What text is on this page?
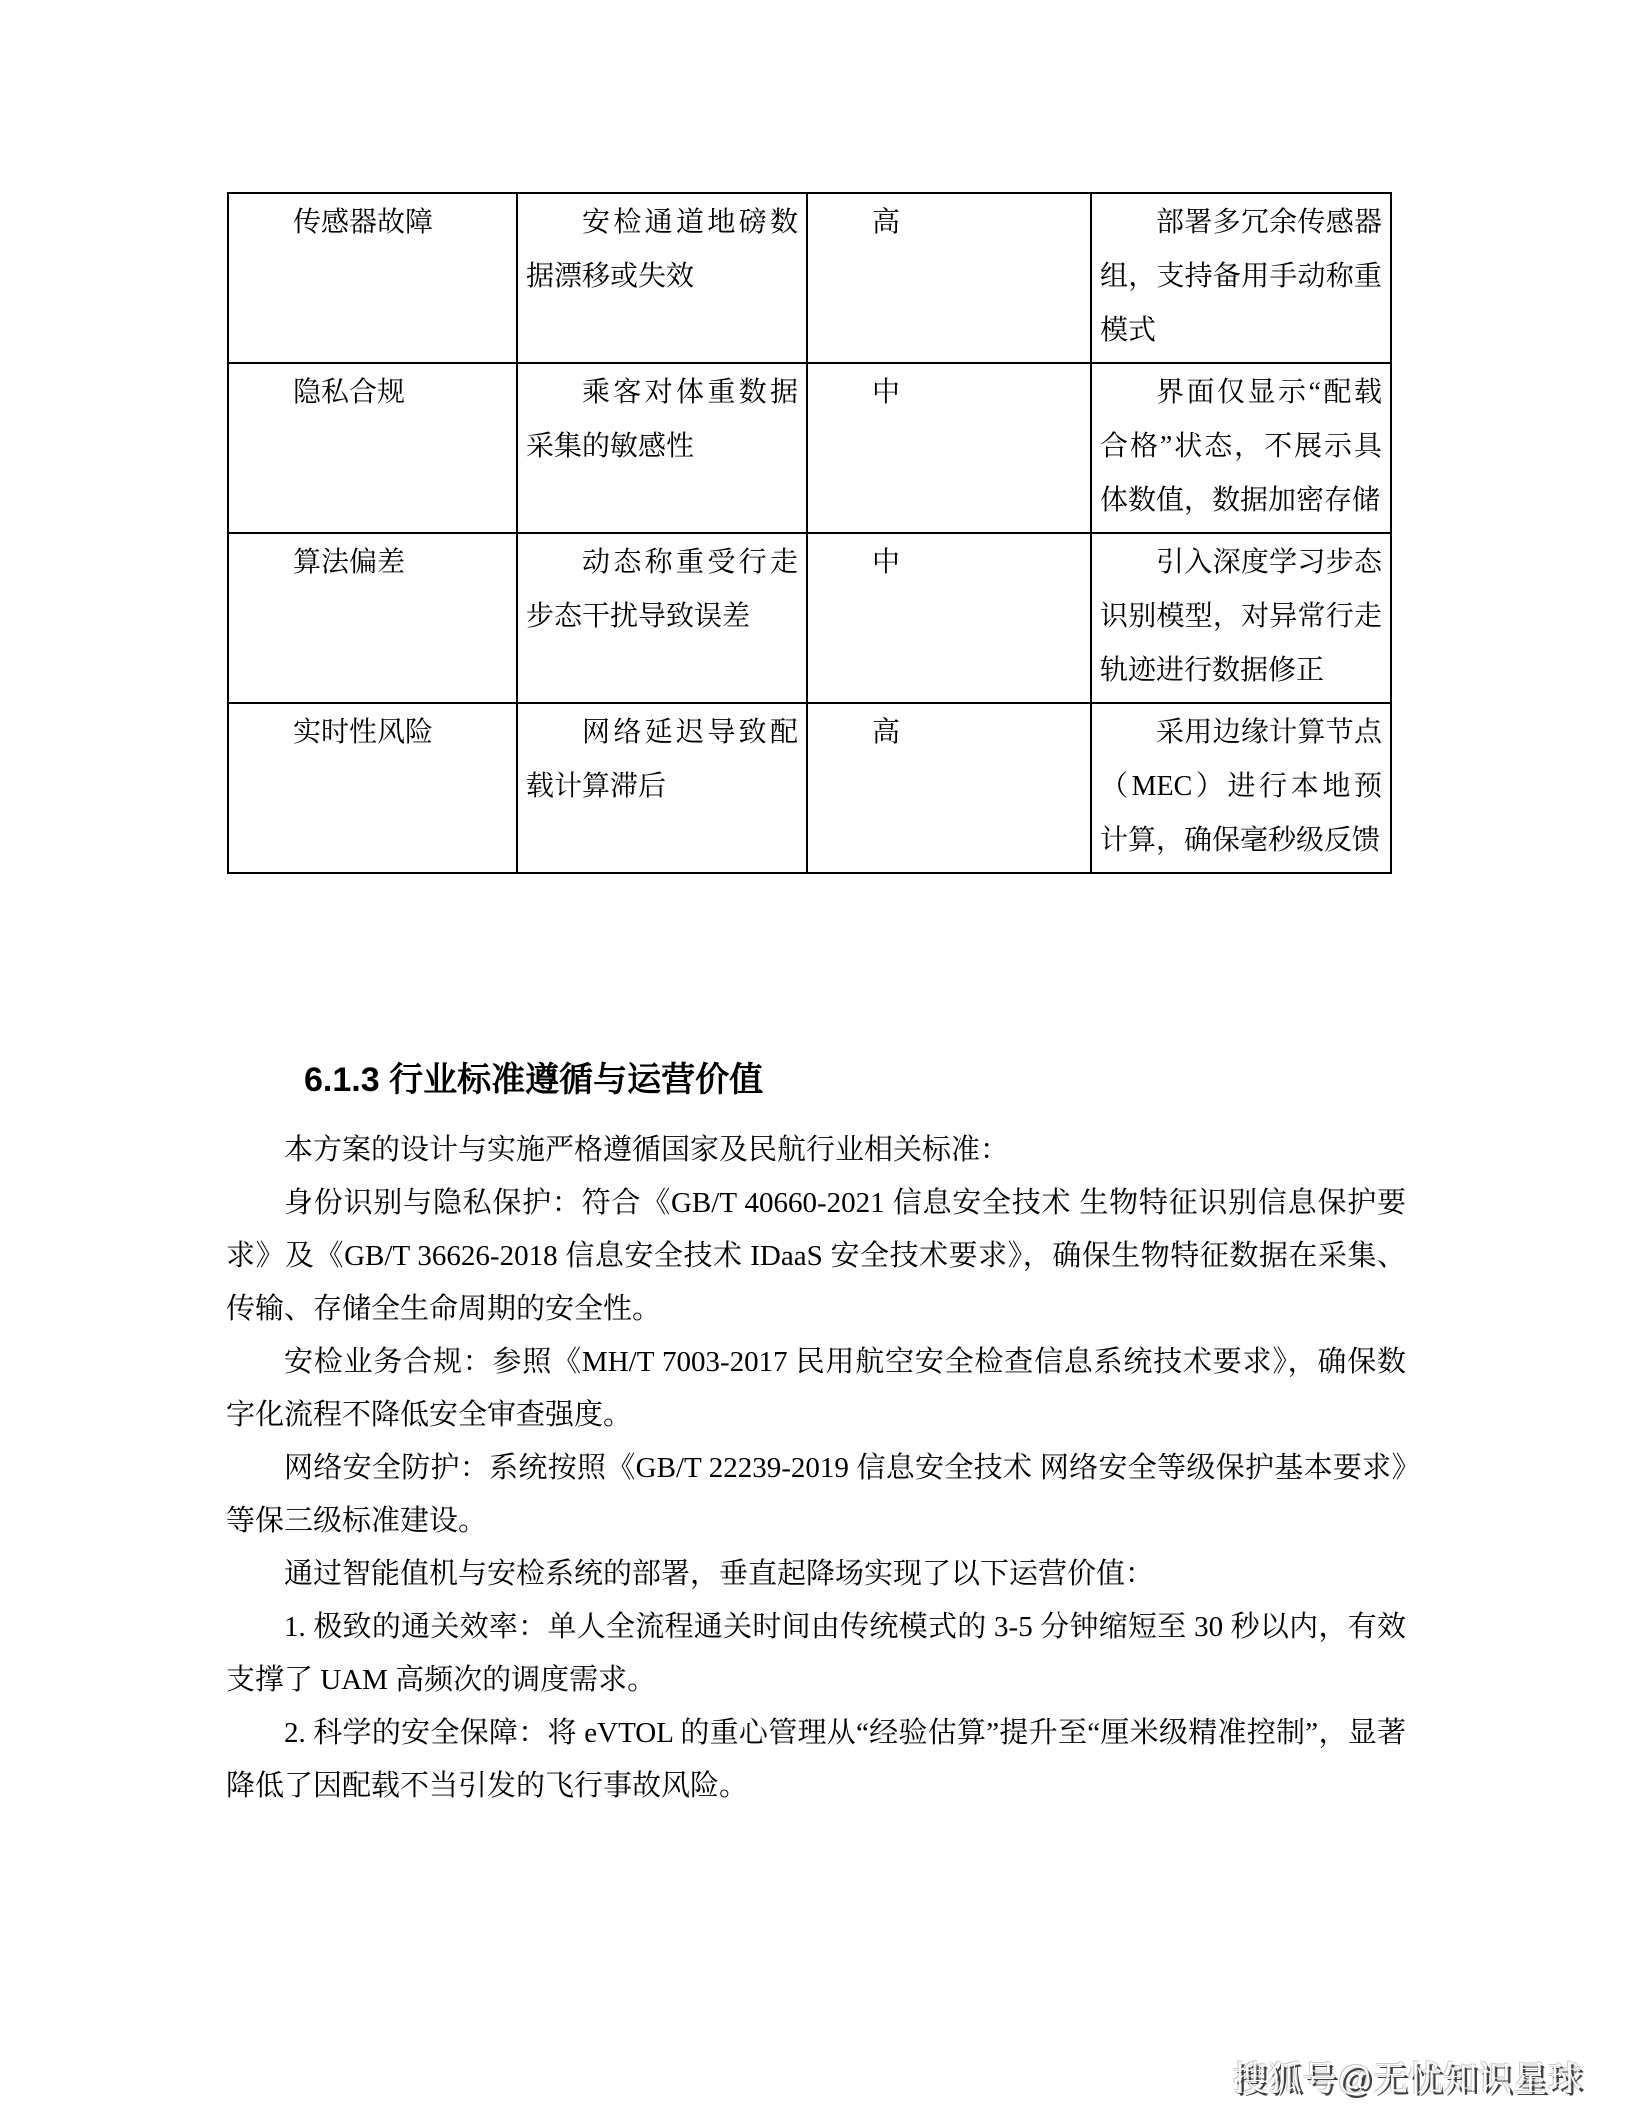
传感器故障	安检通道地磅数据漂移或失效	高	部署多冗余传感器组，支持备用手动称重模式
隐私合规	乘客对体重数据采集的敏感性	中	界面仅显示“配载合格”状态，不展示具体数值，数据加密存储
算法偏差	动态称重受行走步态干扰导致误差	中	引入深度学习步态识别模型，对异常行走轨迹进行数据修正
实时性风险	网络延迟导致配载计算滞后	高	采用边缘计算节点（MEC）进行本地预计算，确保毫秒级反馈
6.1.3 行业标准遵循与运营价值

本方案的设计与实施严格遵循国家及民航行业相关标准：

身份识别与隐私保护：符合《GB/T 40660-2021 信息安全技术 生物特征识别信息保护要求》及《GB/T 36626-2018 信息安全技术 IDaaS 安全技术要求》，确保生物特征数据在采集、传输、存储全生命周期的安全性。

安检业务合规：参照《MH/T 7003-2017 民用航空安全检查信息系统技术要求》，确保数字化流程不降低安全审查强度。

网络安全防护：系统按照《GB/T 22239-2019 信息安全技术 网络安全等级保护基本要求》等保三级标准建设。

通过智能值机与安检系统的部署，垂直起降场实现了以下运营价值：

1. 极致的通关效率：单人全流程通关时间由传统模式的 3-5 分钟缩短至 30 秒以内，有效支撑了 UAM 高频次的调度需求。

2. 科学的安全保障：将 eVTOL 的重心管理从“经验估算”提升至“厘米级精准控制”，显著降低了因配载不当引发的飞行事故风险。

搜狐号@无忧知识星球
